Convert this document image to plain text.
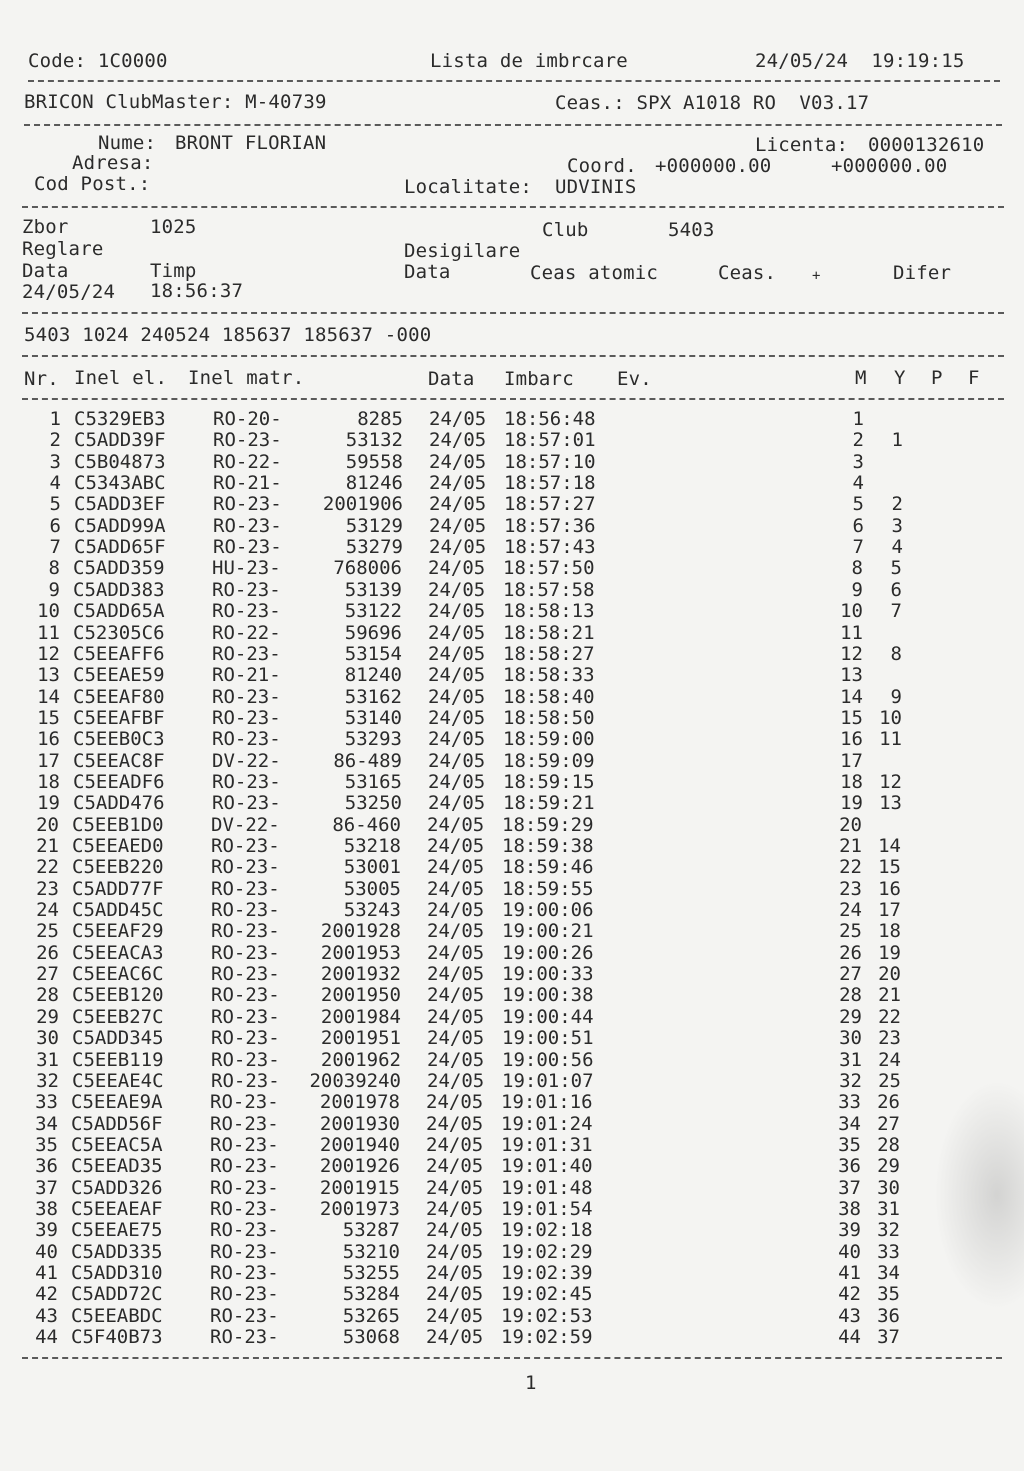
Code: 1C0000	Lista de imbrcare	24/05/24  19:19:15
BRICON ClubMaster: M-40739	Ceas.: SPX A1018 RO  V03.17
Nume: BRONT FLORIAN	Licenta: 0000132610
Adresa:	Coord. +000000.00	+000000.00
Cod Post.:	Localitate: UDVINIS
Zbor	1025	Club	5403
Reglare	Desigilare
Data	Timp	Data	Ceas atomic	Ceas.	+	Difer
24/05/24 18:56:37
5403 1024 240524 185637 185637 -000
Nr. Inel el. Inel matr.	Data Imbarc Ev.	M Y P F
1 C5329EB3 RO-20-	8285 24/05 18:56:48	1
2 C5ADD39F RO-23-	53132 24/05 18:57:01	2 1
3 C5B04873 RO-22-	59558 24/05 18:57:10	3
4 C5343ABC RO-21-	81246 24/05 18:57:18	4
5 C5ADD3EF RO-23- 2001906 24/05 18:57:27	5 2
6 C5ADD99A RO-23-	53129 24/05 18:57:36	6 3
7 C5ADD65F RO-23-	53279 24/05 18:57:43	7 4
8 C5ADD359 HU-23-	768006 24/05 18:57:50	8 5
9 C5ADD383 RO-23-	53139 24/05 18:57:58	9 6
10 C5ADD65A RO-23-	53122 24/05 18:58:13	10 7
11 C52305C6 RO-22-	59696 24/05 18:58:21	11
12 C5EEAFF6 RO-23-	53154 24/05 18:58:27	12 8
13 C5EEAE59 RO-21-	81240 24/05 18:58:33	13
14 C5EEAF80 RO-23-	53162 24/05 18:58:40	14 9
15 C5EEAFBF RO-23-	53140 24/05 18:58:50	15 10
16 C5EEB0C3 RO-23-	53293 24/05 18:59:00	16 11
17 C5EEAC8F DV-22-	86-489 24/05 18:59:09	17
18 C5EEADF6 RO-23-	53165 24/05 18:59:15	18 12
19 C5ADD476 RO-23-	53250 24/05 18:59:21	19 13
20 C5EEB1D0 DV-22-	86-460 24/05 18:59:29	20
21 C5EEAED0 RO-23-	53218 24/05 18:59:38	21 14
22 C5EEB220 RO-23-	53001 24/05 18:59:46	22 15
23 C5ADD77F RO-23-	53005 24/05 18:59:55	23 16
24 C5ADD45C RO-23-	53243 24/05 19:00:06	24 17
25 C5EEAF29 RO-23- 2001928 24/05 19:00:21	25 18
26 C5EEACA3 RO-23- 2001953 24/05 19:00:26	26 19
27 C5EEAC6C RO-23- 2001932 24/05 19:00:33	27 20
28 C5EEB120 RO-23- 2001950 24/05 19:00:38	28 21
29 C5EEB27C RO-23- 2001984 24/05 19:00:44	29 22
30 C5ADD345 RO-23- 2001951 24/05 19:00:51	30 23
31 C5EEB119 RO-23- 2001962 24/05 19:00:56	31 24
32 C5EEAE4C RO-23- 20039240 24/05 19:01:07	32 25
33 C5EEAE9A RO-23- 2001978 24/05 19:01:16	33 26
34 C5ADD56F RO-23- 2001930 24/05 19:01:24	34 27
35 C5EEAC5A RO-23- 2001940 24/05 19:01:31	35 28
36 C5EEAD35 RO-23- 2001926 24/05 19:01:40	36 29
37 C5ADD326 RO-23- 2001915 24/05 19:01:48	37 30
38 C5EEAEAF RO-23- 2001973 24/05 19:01:54	38 31
39 C5EEAE75 RO-23-	53287 24/05 19:02:18	39 32
40 C5ADD335 RO-23-	53210 24/05 19:02:29	40 33
41 C5ADD310 RO-23-	53255 24/05 19:02:39	41 34
42 C5ADD72C RO-23-	53284 24/05 19:02:45	42 35
43 C5EEABDC RO-23-	53265 24/05 19:02:53	43 36
44 C5F40B73 RO-23-	53068 24/05 19:02:59	44 37
1
